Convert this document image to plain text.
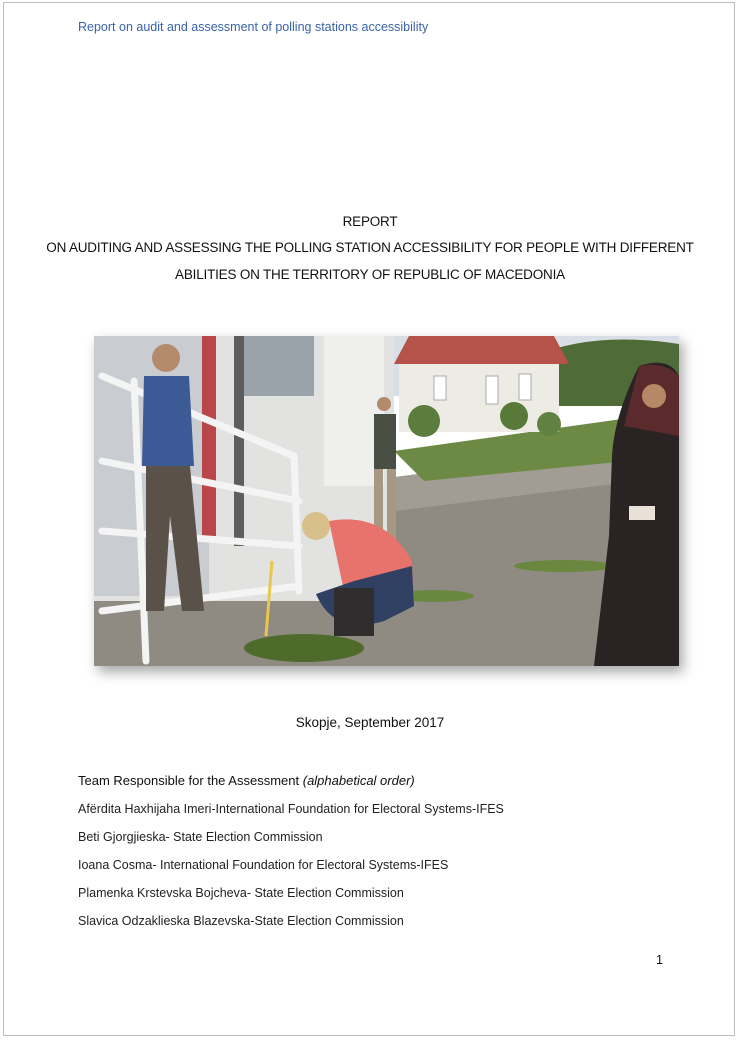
Report on audit and assessment of polling stations accessibility
REPORT
ON AUDITING AND ASSESSING THE POLLING STATION ACCESSIBILITY FOR PEOPLE WITH DIFFERENT
ABILITIES ON THE TERRITORY OF REPUBLIC OF MACEDONIA
Skopje, September 2017
Team Responsible for the Assessment (alphabetical order)
Afërdita Haxhijaha Imeri-International Foundation for Electoral Systems-IFES
Beti Gjorgjieska- State Election Commission
Ioana Cosma- International Foundation for Electoral Systems-IFES
Plamenka Krstevska Bojcheva- State Election Commission
Slavica Odzaklieska Blazevska-State Election Commission
1
